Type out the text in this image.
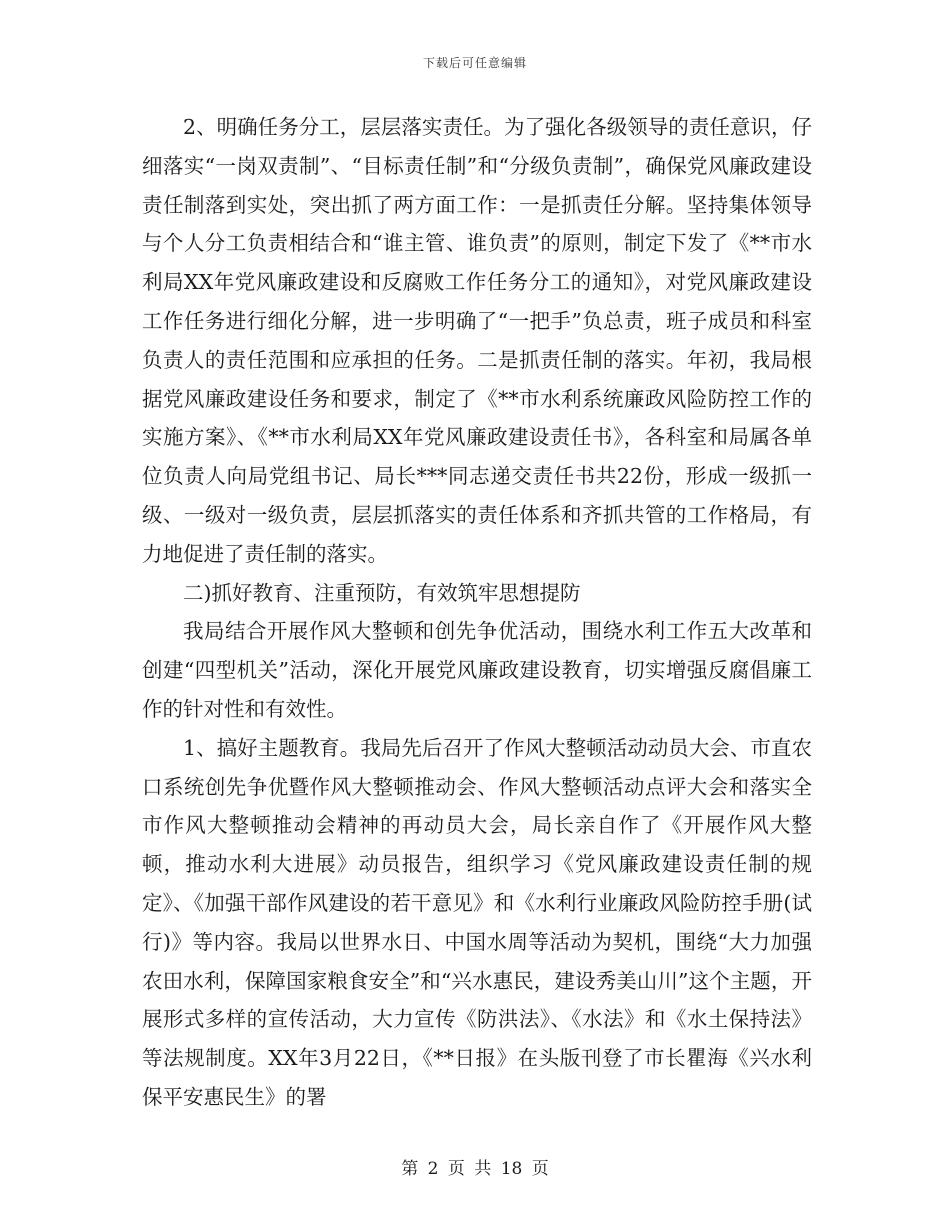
下载后可任意编辑

2、明确任务分工，层层落实责任。为了强化各级领导的责任意识，仔细落实“一岗双责制”、“目标责任制”和“分级负责制”，确保党风廉政建设责任制落到实处，突出抓了两方面工作：一是抓责任分解。坚持集体领导与个人分工负责相结合和“谁主管、谁负责”的原则，制定下发了《**市水利局XX年党风廉政建设和反腐败工作任务分工的通知》，对党风廉政建设工作任务进行细化分解，进一步明确了“一把手”负总责，班子成员和科室负责人的责任范围和应承担的任务。二是抓责任制的落实。年初，我局根据党风廉政建设任务和要求，制定了《**市水利系统廉政风险防控工作的实施方案》、《**市水利局XX年党风廉政建设责任书》，各科室和局属各单位负责人向局党组书记、局长***同志递交责任书共22份，形成一级抓一级、一级对一级负责，层层抓落实的责任体系和齐抓共管的工作格局，有力地促进了责任制的落实。

二)抓好教育、注重预防，有效筑牢思想提防

我局结合开展作风大整顿和创先争优活动，围绕水利工作五大改革和创建“四型机关”活动，深化开展党风廉政建设教育，切实增强反腐倡廉工作的针对性和有效性。

1、搞好主题教育。我局先后召开了作风大整顿活动动员大会、市直农口系统创先争优暨作风大整顿推动会、作风大整顿活动点评大会和落实全市作风大整顿推动会精神的再动员大会，局长亲自作了《开展作风大整顿，推动水利大进展》动员报告，组织学习《党风廉政建设责任制的规定》、《加强干部作风建设的若干意见》和《水利行业廉政风险防控手册(试行)》等内容。我局以世界水日、中国水周等活动为契机，围绕“大力加强农田水利，保障国家粮食安全”和“兴水惠民，建设秀美山川”这个主题，开展形式多样的宣传活动，大力宣传《防洪法》、《水法》和《水土保持法》等法规制度。XX年3月22日，《**日报》在头版刊登了市长瞿海《兴水利保平安惠民生》的署

第 2 页 共 18 页
